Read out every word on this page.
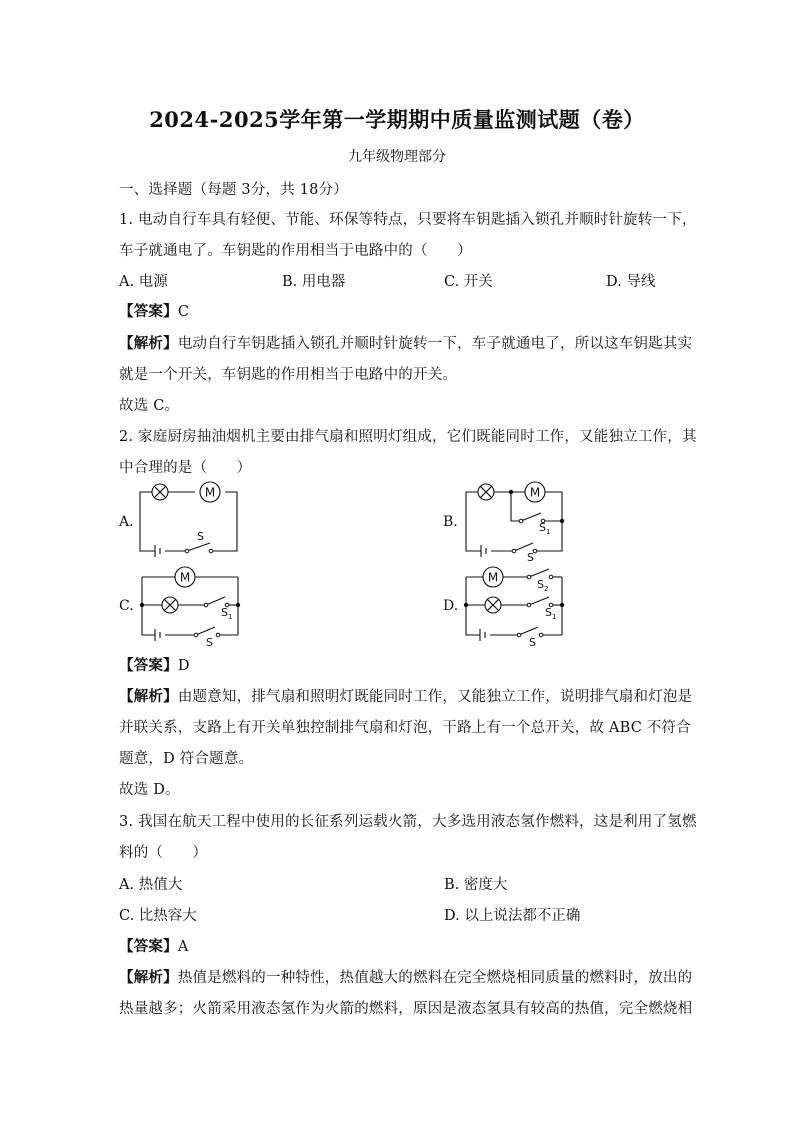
2024-2025学年第一学期期中质量监测试题（卷）
九年级物理部分
一、选择题（每题 3分，共 18分）
1. 电动自行车具有轻便、节能、环保等特点，只要将车钥匙插入锁孔并顺时针旋转一下，
车子就通电了。车钥匙的作用相当于电路中的（　　）
A. 电源	B. 用电器	C. 开关	D. 导线
【答案】C
【解析】电动自行车钥匙插入锁孔并顺时针旋转一下，车子就通电了，所以这车钥匙其实
就是一个开关，车钥匙的作用相当于电路中的开关。
故选 C。
2. 家庭厨房抽油烟机主要由排气扇和照明灯组成，它们既能同时工作，又能独立工作，其
中合理的是（　　）
A.	B.
C.	D.
M
S
M
$S_1$
S
M
$S_1$
S
M	$S_2$
$S_1$
S
【答案】D
【解析】由题意知，排气扇和照明灯既能同时工作，又能独立工作，说明排气扇和灯泡是
并联关系，支路上有开关单独控制排气扇和灯泡，干路上有一个总开关，故 ABC 不符合
题意，D 符合题意。
故选 D。
3. 我国在航天工程中使用的长征系列运载火箭，大多选用液态氢作燃料，这是利用了氢燃
料的（　　）
A. 热值大	B. 密度大
C. 比热容大	D. 以上说法都不正确
【答案】A
【解析】热值是燃料的一种特性，热值越大的燃料在完全燃烧相同质量的燃料时，放出的
热量越多；火箭采用液态氢作为火箭的燃料，原因是液态氢具有较高的热值，完全燃烧相
